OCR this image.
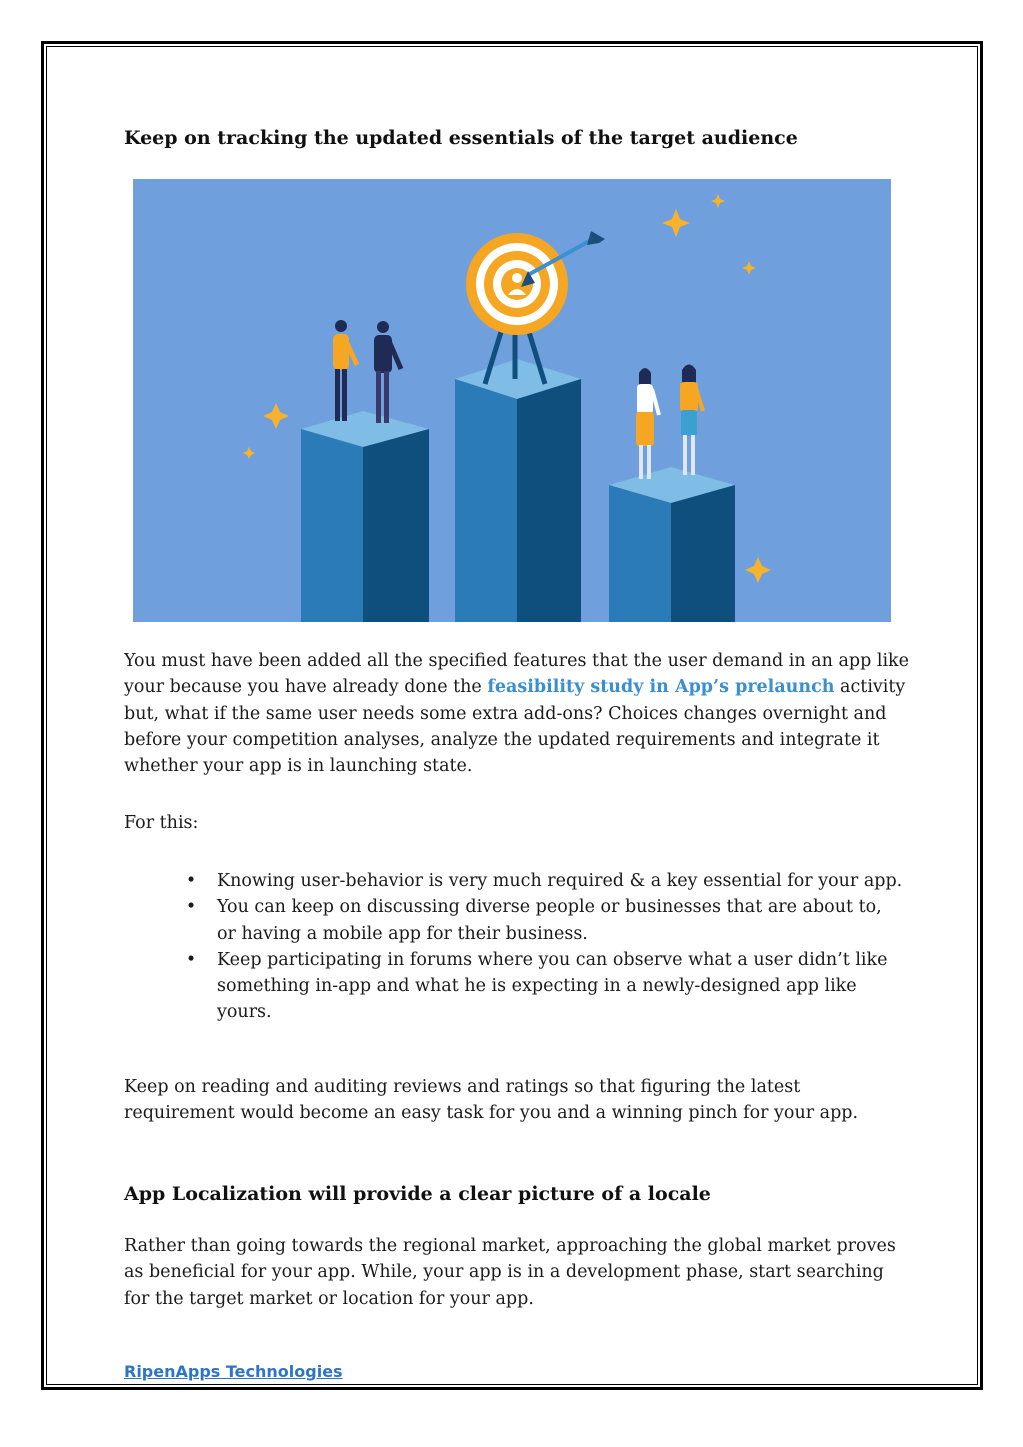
Keep on tracking the updated essentials of the target audience

You must have been added all the specified features that the user demand in an app like your because you have already done the feasibility study in App’s prelaunch activity but, what if the same user needs some extra add-ons? Choices changes overnight and before your competition analyses, analyze the updated requirements and integrate it whether your app is in launching state.

For this:

• Knowing user-behavior is very much required & a key essential for your app.
• You can keep on discussing diverse people or businesses that are about to, or having a mobile app for their business.
• Keep participating in forums where you can observe what a user didn’t like something in-app and what he is expecting in a newly-designed app like yours.

Keep on reading and auditing reviews and ratings so that figuring the latest requirement would become an easy task for you and a winning pinch for your app.

App Localization will provide a clear picture of a locale

Rather than going towards the regional market, approaching the global market proves as beneficial for your app. While, your app is in a development phase, start searching for the target market or location for your app.

RipenApps Technologies
